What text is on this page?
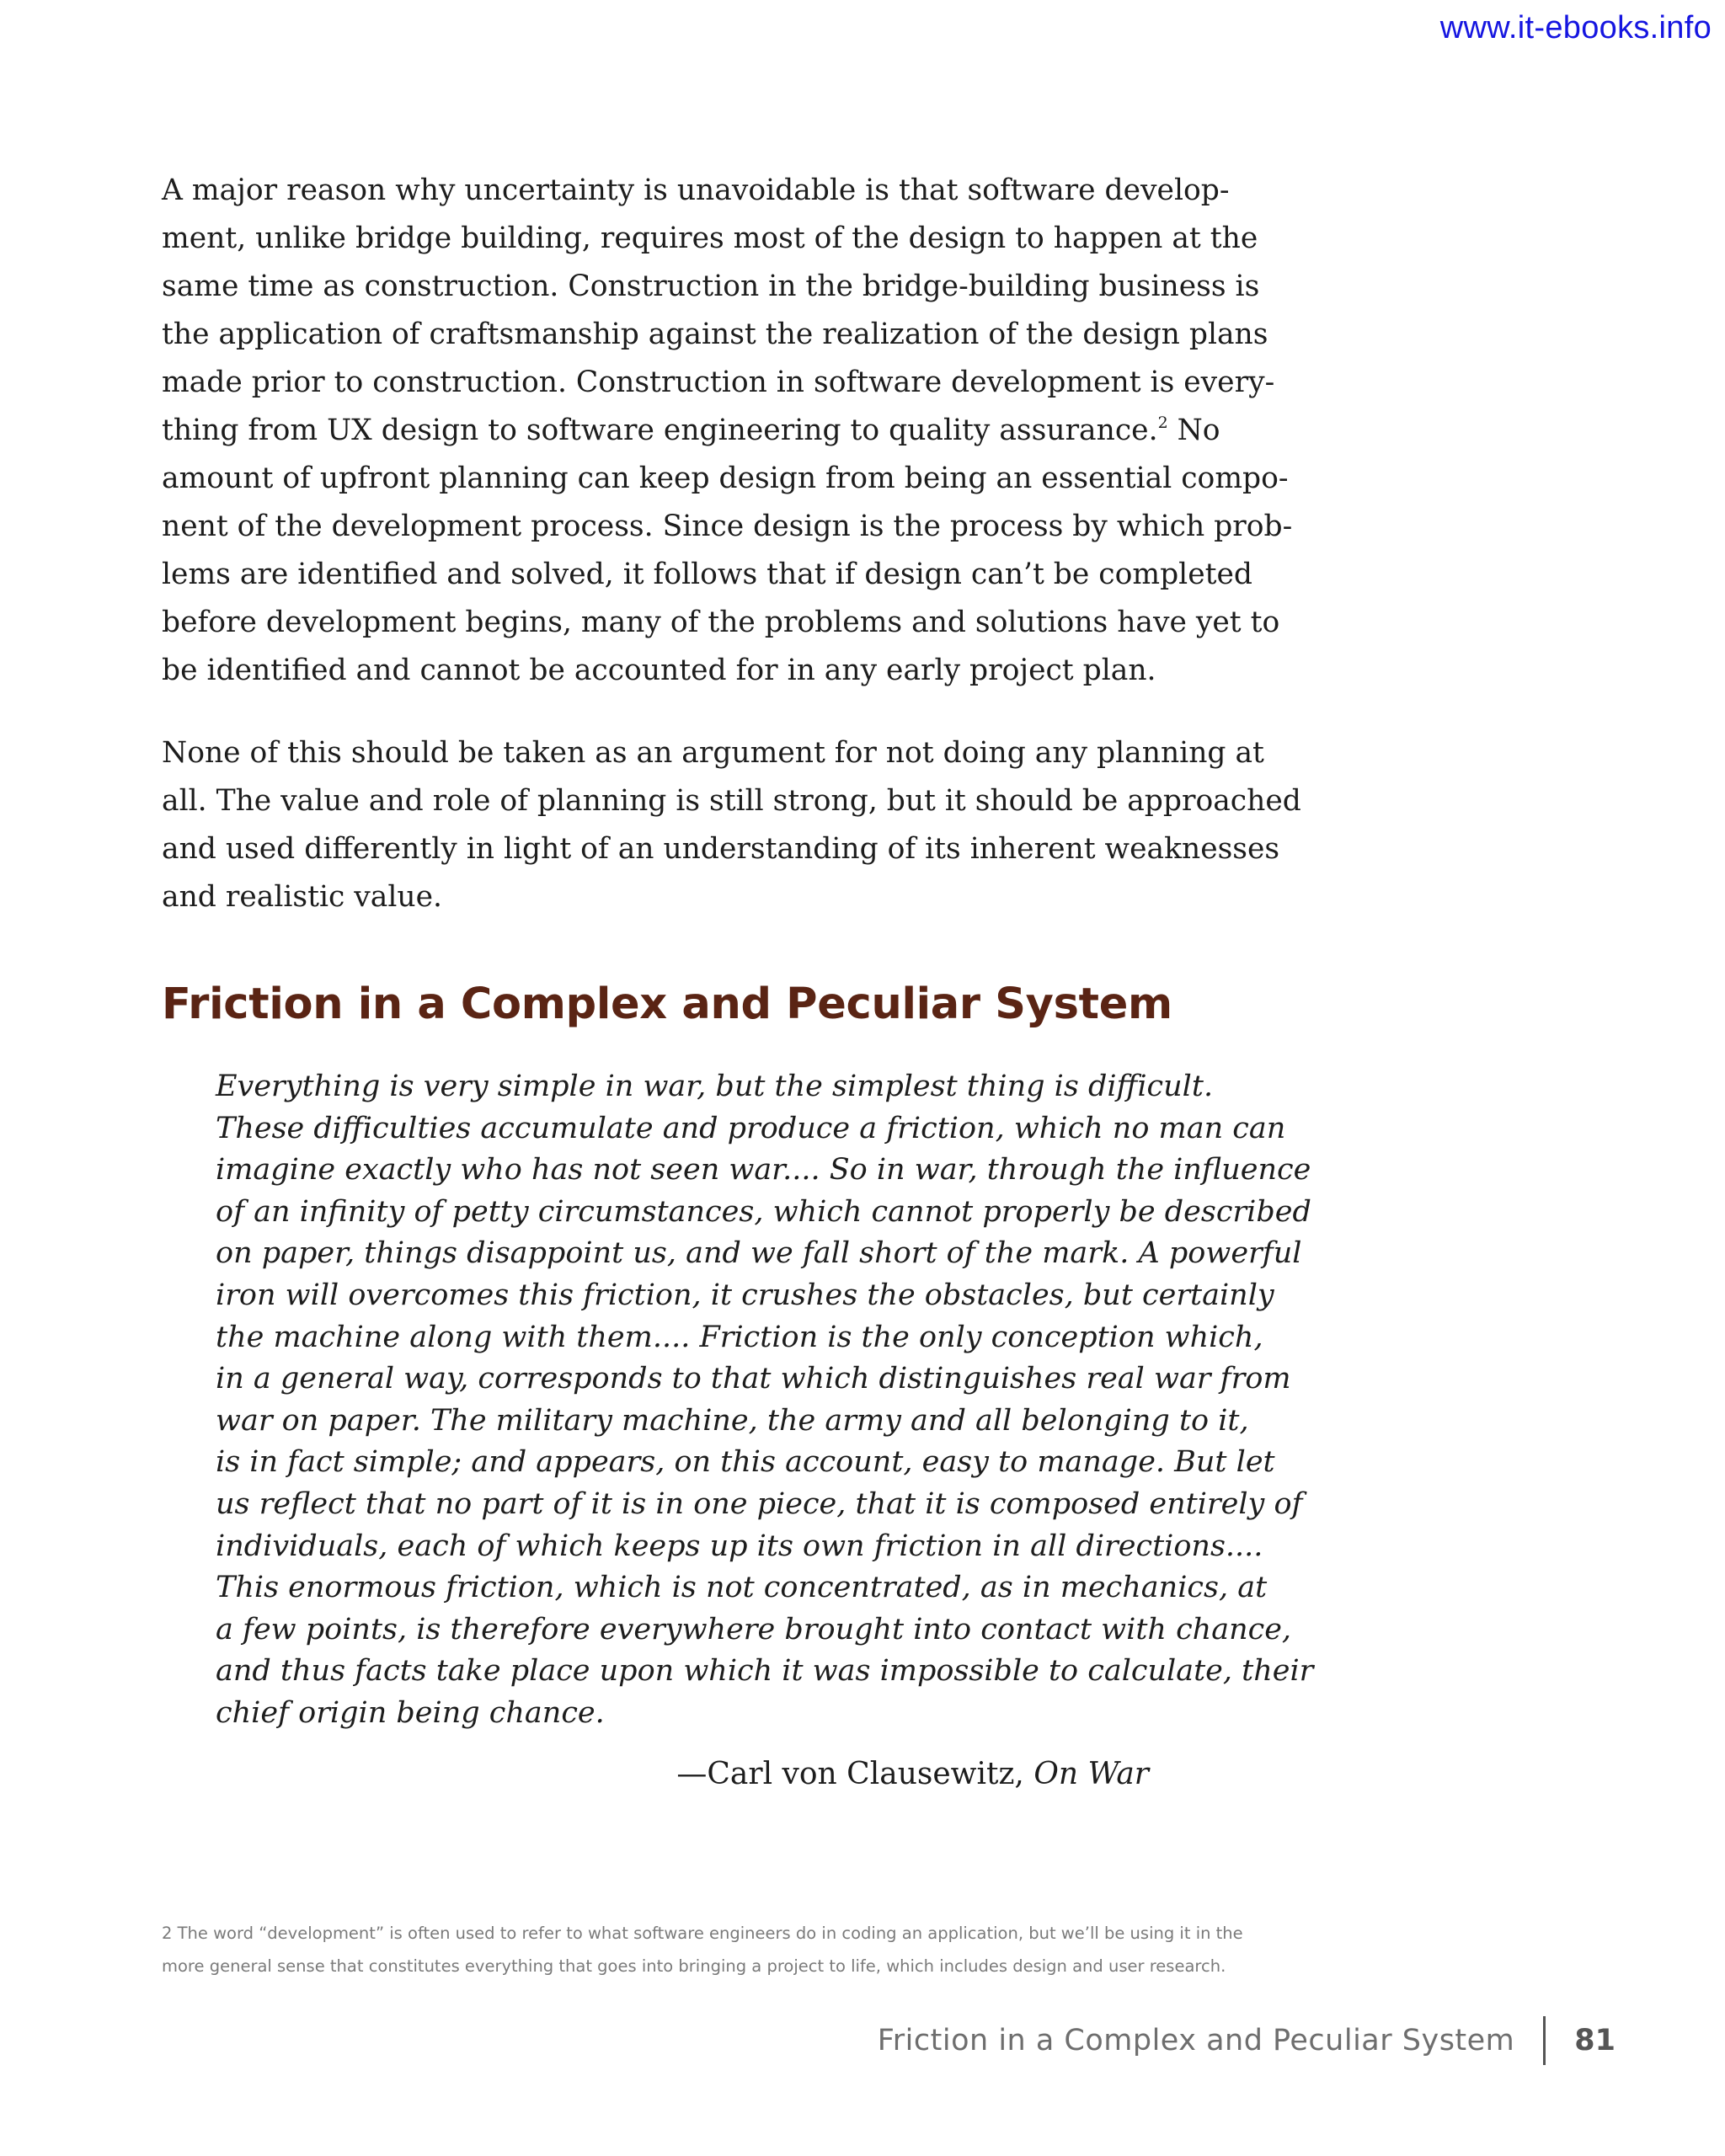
www.it-ebooks.info

A major reason why uncertainty is unavoidable is that software develop-
ment, unlike bridge building, requires most of the design to happen at the
same time as construction. Construction in the bridge-building business is
the application of craftsmanship against the realization of the design plans
made prior to construction. Construction in software development is every-
thing from UX design to software engineering to quality assurance.$^2$ No
amount of upfront planning can keep design from being an essential compo-
nent of the development process. Since design is the process by which prob-
lems are identified and solved, it follows that if design can’t be completed
before development begins, many of the problems and solutions have yet to
be identified and cannot be accounted for in any early project plan.

None of this should be taken as an argument for not doing any planning at
all. The value and role of planning is still strong, but it should be approached
and used differently in light of an understanding of its inherent weaknesses
and realistic value.

Friction in a Complex and Peculiar System
Everything is very simple in war, but the simplest thing is difficult.
These difficulties accumulate and produce a friction, which no man can
imagine exactly who has not seen war.... So in war, through the influence
of an infinity of petty circumstances, which cannot properly be described
on paper, things disappoint us, and we fall short of the mark. A powerful
iron will overcomes this friction, it crushes the obstacles, but certainly
the machine along with them.... Friction is the only conception which,
in a general way, corresponds to that which distinguishes real war from
war on paper. The military machine, the army and all belonging to it,
is in fact simple; and appears, on this account, easy to manage. But let
us reflect that no part of it is in one piece, that it is composed entirely of
individuals, each of which keeps up its own friction in all directions....
This enormous friction, which is not concentrated, as in mechanics, at
a few points, is therefore everywhere brought into contact with chance,
and thus facts take place upon which it was impossible to calculate, their
chief origin being chance.
—Carl von Clausewitz, On War

2 The word “development” is often used to refer to what software engineers do in coding an application, but we’ll be using it in the
more general sense that constitutes everything that goes into bringing a project to life, which includes design and user research.

Friction in a Complex and Peculiar System 81
